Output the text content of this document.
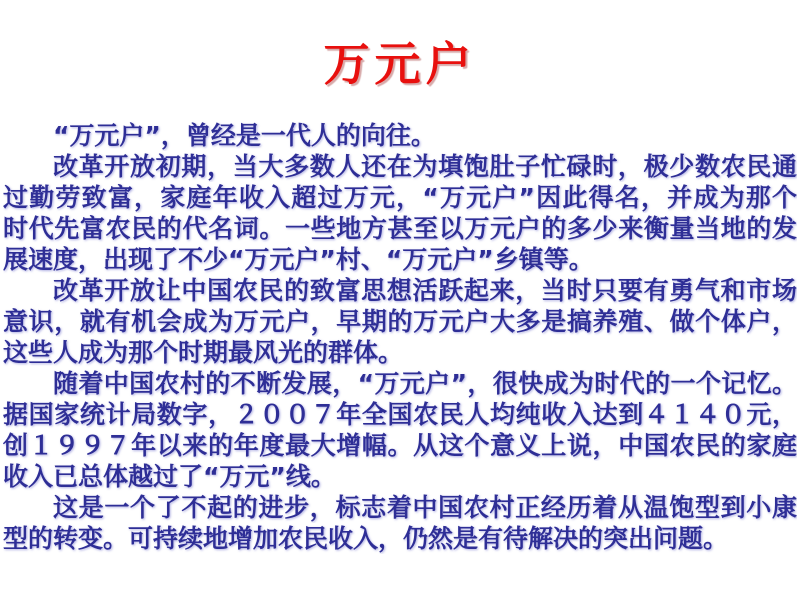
万元户
“万元户”，曾经是一代人的向往。
改革开放初期，当大多数人还在为填饱肚子忙碌时，极少数农民通
过勤劳致富，家庭年收入超过万元，“万元户”因此得名，并成为那个
时代先富农民的代名词。一些地方甚至以万元户的多少来衡量当地的发
展速度，出现了不少“万元户”村、“万元户”乡镇等。
改革开放让中国农民的致富思想活跃起来，当时只要有勇气和市场
意识，就有机会成为万元户，早期的万元户大多是搞养殖、做个体户，
这些人成为那个时期最风光的群体。
随着中国农村的不断发展，“万元户”，很快成为时代的一个记忆。
据国家统计局数字，２００７年全国农民人均纯收入达到４１４０元，
创１９９７年以来的年度最大增幅。从这个意义上说，中国农民的家庭
收入已总体越过了“万元”线。
这是一个了不起的进步，标志着中国农村正经历着从温饱型到小康
型的转变。可持续地增加农民收入，仍然是有待解决的突出问题。
